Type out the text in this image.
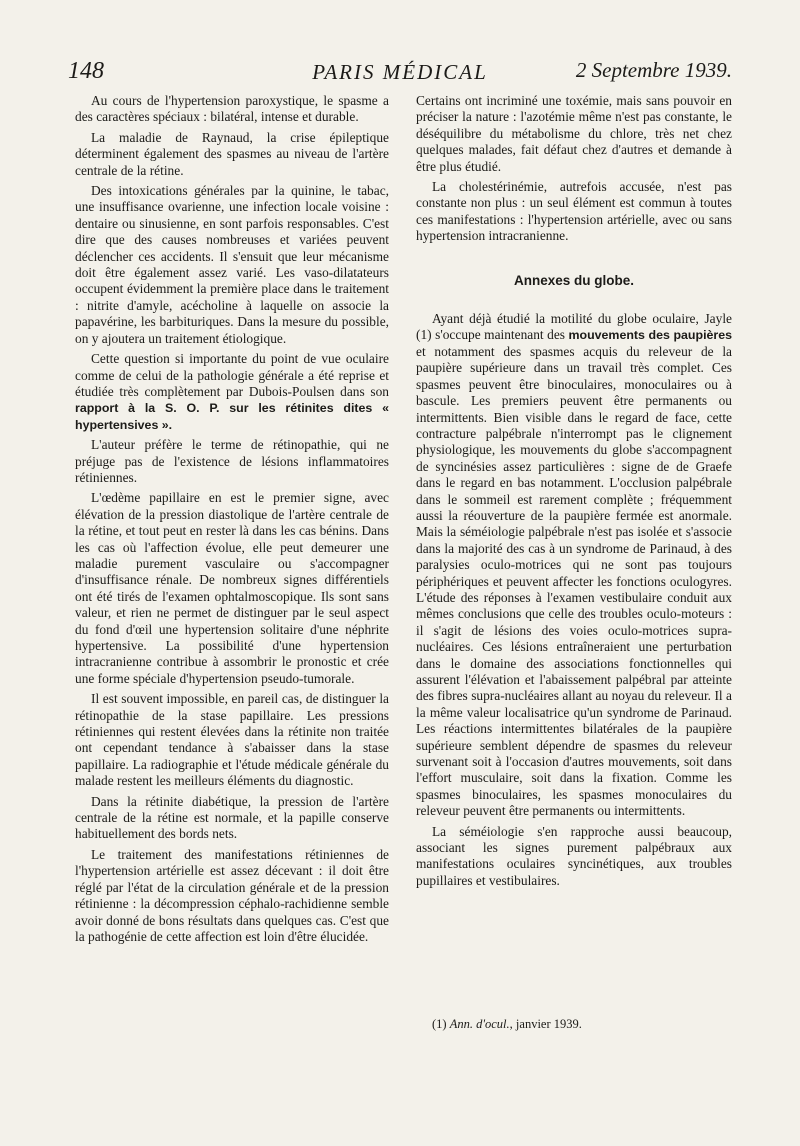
148	PARIS MÉDICAL	2 Septembre 1939.

Au cours de l'hypertension paroxystique, le spasme a des caractères spéciaux : bilatéral, intense et durable.

La maladie de Raynaud, la crise épileptique déterminent également des spasmes au niveau de l'artère centrale de la rétine.

Des intoxications générales par la quinine, le tabac, une insuffisance ovarienne, une infection locale voisine : dentaire ou sinusienne, en sont parfois responsables. C'est dire que des causes nombreuses et variées peuvent déclencher ces accidents. Il s'ensuit que leur mécanisme doit être également assez varié. Les vaso-dilatateurs occupent évidemment la première place dans le traitement : nitrite d'amyle, acécholine à laquelle on associe la papavérine, les barbituriques. Dans la mesure du possible, on y ajoutera un traitement étiologique.

Cette question si importante du point de vue oculaire comme de celui de la pathologie générale a été reprise et étudiée très complètement par Dubois-Poulsen dans son rapport à la S. O. P. sur les rétinites dites « hypertensives ».

L'auteur préfère le terme de rétinopathie, qui ne préjuge pas de l'existence de lésions inflammatoires rétiniennes.

L'œdème papillaire en est le premier signe, avec élévation de la pression diastolique de l'artère centrale de la rétine, et tout peut en rester là dans les cas bénins. Dans les cas où l'affection évolue, elle peut demeurer une maladie purement vasculaire ou s'accompagner d'insuffisance rénale. De nombreux signes différentiels ont été tirés de l'examen ophtalmoscopique. Ils sont sans valeur, et rien ne permet de distinguer par le seul aspect du fond d'œil une hypertension solitaire d'une néphrite hypertensive. La possibilité d'une hypertension intracranienne contribue à assombrir le pronostic et crée une forme spéciale d'hypertension pseudo-tumorale.

Il est souvent impossible, en pareil cas, de distinguer la rétinopathie de la stase papillaire. Les pressions rétiniennes qui restent élevées dans la rétinite non traitée ont cependant tendance à s'abaisser dans la stase papillaire. La radiographie et l'étude médicale générale du malade restent les meilleurs éléments du diagnostic.

Dans la rétinite diabétique, la pression de l'artère centrale de la rétine est normale, et la papille conserve habituellement des bords nets.

Le traitement des manifestations rétiniennes de l'hypertension artérielle est assez décevant : il doit être réglé par l'état de la circulation générale et de la pression rétinienne : la décompression céphalo-rachidienne semble avoir donné de bons résultats dans quelques cas. C'est que la pathogénie de cette affection est loin d'être élucidée.

Certains ont incriminé une toxémie, mais sans pouvoir en préciser la nature : l'azotémie même n'est pas constante, le déséquilibre du métabolisme du chlore, très net chez quelques malades, fait défaut chez d'autres et demande à être plus étudié.

La cholestérinémie, autrefois accusée, n'est pas constante non plus : un seul élément est commun à toutes ces manifestations : l'hypertension artérielle, avec ou sans hypertension intracranienne.

Annexes du globe.

Ayant déjà étudié la motilité du globe oculaire, Jayle (1) s'occupe maintenant des mouvements des paupières et notamment des spasmes acquis du releveur de la paupière supérieure dans un travail très complet. Ces spasmes peuvent être binoculaires, monoculaires ou à bascule. Les premiers peuvent être permanents ou intermittents. Bien visible dans le regard de face, cette contracture palpébrale n'interrompt pas le clignement physiologique, les mouvements du globe s'accompagnent de syncinésies assez particulières : signe de de Graefe dans le regard en bas notamment. L'occlusion palpébrale dans le sommeil est rarement complète ; fréquemment aussi la réouverture de la paupière fermée est anormale. Mais la séméiologie palpébrale n'est pas isolée et s'associe dans la majorité des cas à un syndrome de Parinaud, à des paralysies oculo-motrices qui ne sont pas toujours périphériques et peuvent affecter les fonctions oculogyres. L'étude des réponses à l'examen vestibulaire conduit aux mêmes conclusions que celle des troubles oculo-moteurs : il s'agit de lésions des voies oculo-motrices supra-nucléaires. Ces lésions entraîneraient une perturbation dans le domaine des associations fonctionnelles qui assurent l'élévation et l'abaissement palpébral par atteinte des fibres supra-nucléaires allant au noyau du releveur. Il a la même valeur localisatrice qu'un syndrome de Parinaud. Les réactions intermittentes bilatérales de la paupière supérieure semblent dépendre de spasmes du releveur survenant soit à l'occasion d'autres mouvements, soit dans l'effort musculaire, soit dans la fixation. Comme les spasmes binoculaires, les spasmes monoculaires du releveur peuvent être permanents ou intermittents.

La séméiologie s'en rapproche aussi beaucoup, associant les signes purement palpébraux aux manifestations oculaires syncinétiques, aux troubles pupillaires et vestibulaires.

(1) Ann. d'ocul., janvier 1939.
